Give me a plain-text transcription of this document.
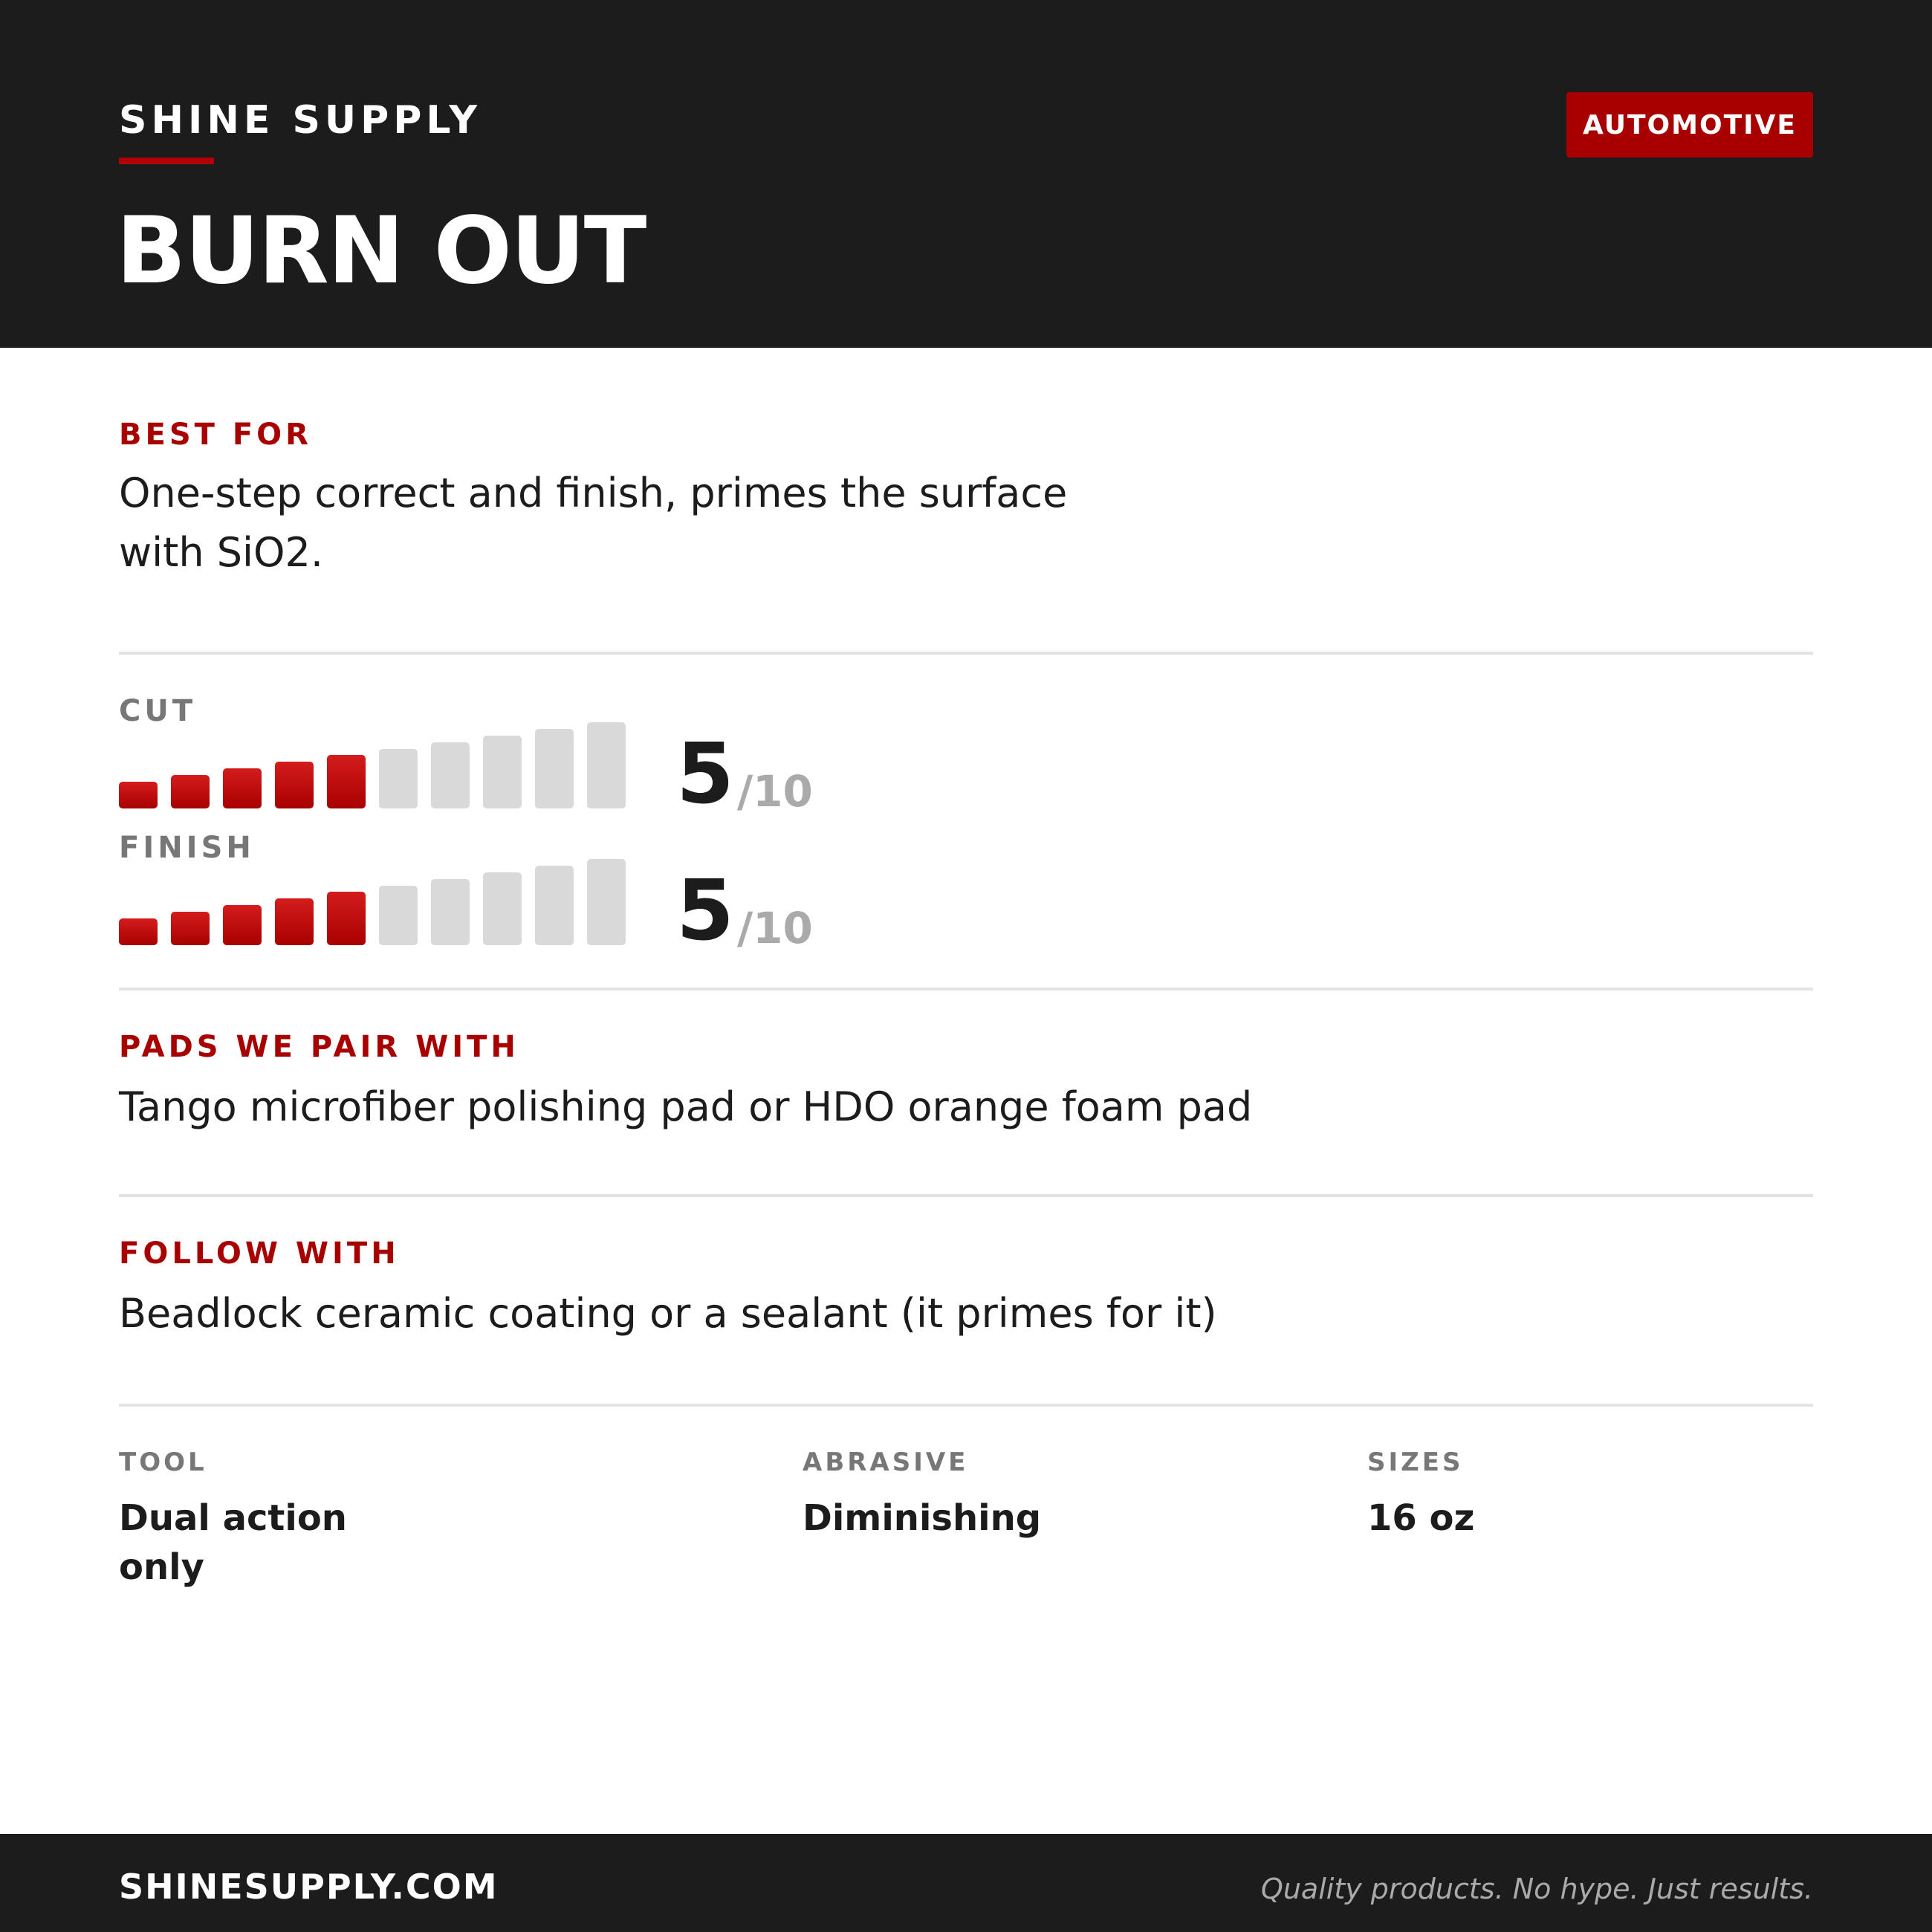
SHINE SUPPLY	AUTOMOTIVE
BURN OUT
BEST FOR
One-step correct and finish, primes the surface
with SiO2.
CUT
5 /10
FINISH
5 /10
PADS WE PAIR WITH
Tango microfiber polishing pad or HDO orange foam pad
FOLLOW WITH
Beadlock ceramic coating or a sealant (it primes for it)
TOOL
Dual action
only
ABRASIVE
Diminishing
SIZES
16 oz
SHINESUPPLY.COM	Quality products. No hype. Just results.
